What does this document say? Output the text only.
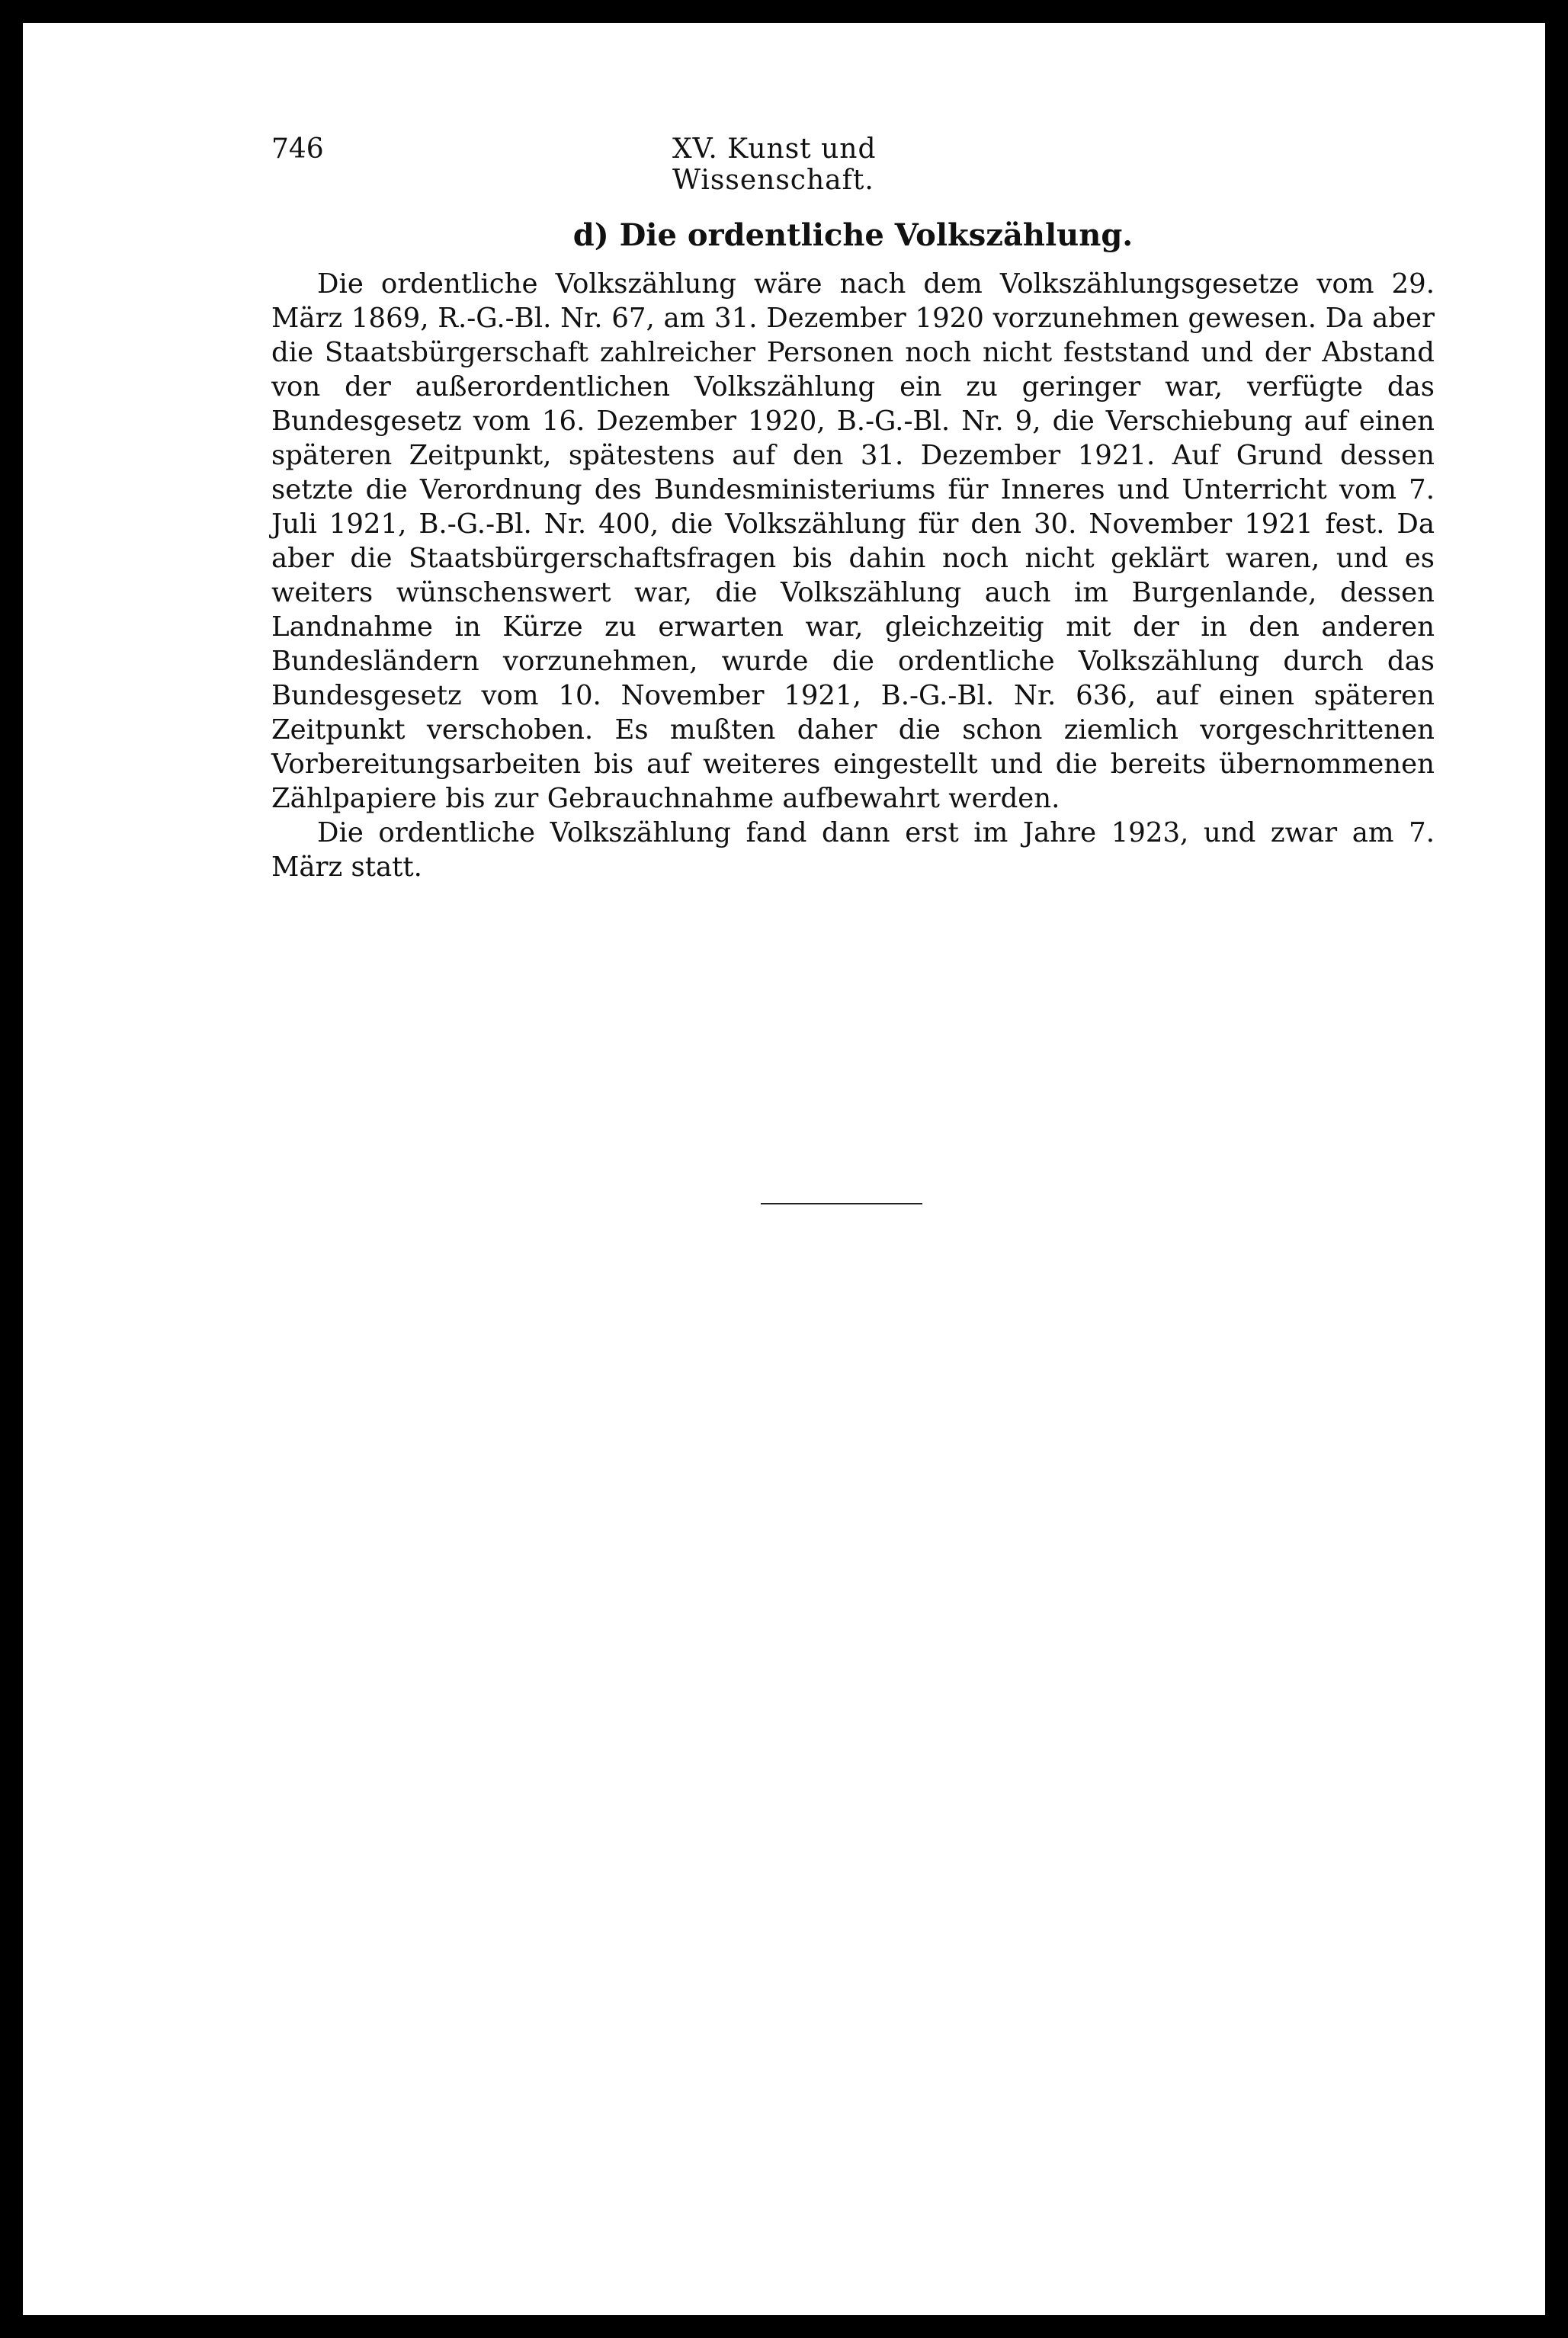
746	XV. Kunst und Wissenschaft.
d) Die ordentliche Volkszählung.

Die ordentliche Volkszählung wäre nach dem Volkszählungsgesetze vom 29. März 1869, R.-G.-Bl. Nr. 67, am 31. Dezember 1920 vorzunehmen gewesen. Da aber die Staatsbürgerschaft zahlreicher Personen noch nicht feststand und der Abstand von der außerordentlichen Volkszählung ein zu geringer war, verfügte das Bundesgesetz vom 16. Dezember 1920, B.-G.-Bl. Nr. 9, die Verschiebung auf einen späteren Zeitpunkt, spätestens auf den 31. Dezember 1921. Auf Grund dessen setzte die Verordnung des Bundesministeriums für Inneres und Unterricht vom 7. Juli 1921, B.-G.-Bl. Nr. 400, die Volkszählung für den 30. November 1921 fest. Da aber die Staatsbürgerschaftsfragen bis dahin noch nicht geklärt waren, und es weiters wünschenswert war, die Volkszählung auch im Burgenlande, dessen Landnahme in Kürze zu erwarten war, gleichzeitig mit der in den anderen Bundesländern vorzunehmen, wurde die ordentliche Volkszählung durch das Bundesgesetz vom 10. November 1921, B.-G.-Bl. Nr. 636, auf einen späteren Zeitpunkt verschoben. Es mußten daher die schon ziemlich vorgeschrittenen Vorbereitungsarbeiten bis auf weiteres eingestellt und die bereits übernommenen Zählpapiere bis zur Gebrauchnahme aufbewahrt werden.

Die ordentliche Volkszählung fand dann erst im Jahre 1923, und zwar am 7. März statt.
